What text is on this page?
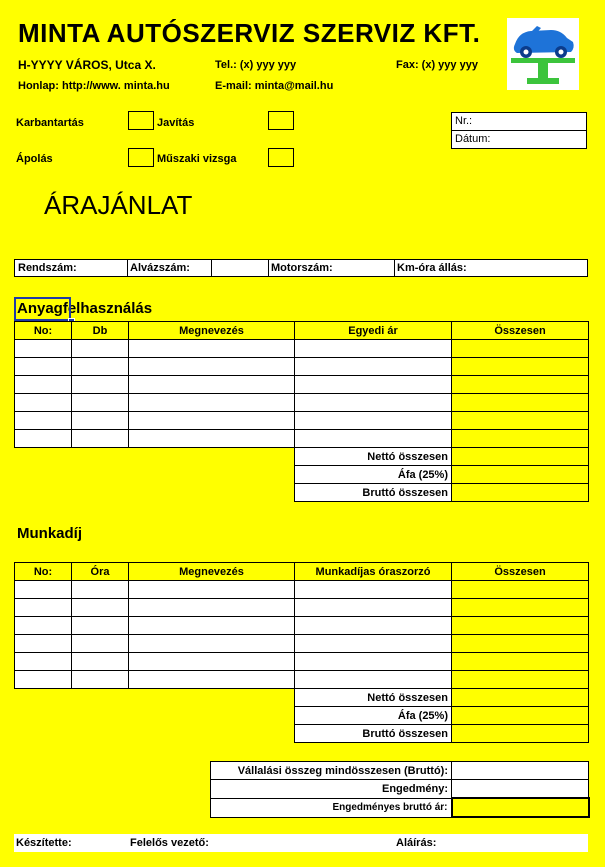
MINTA AUTÓSZERVIZ SZERVIZ KFT.
H-YYYY VÁROS, Utca X.	Tel.: (x) yyy yyy	Fax: (x) yyy yyy
Honlap: http://www. minta.hu	E-mail: minta@mail.hu
Karbantartás	Javítás
Ápolás	Műszaki vizsga
Nr.:
Dátum:
ÁRAJÁNLAT
Rendszám:	Alvázszám:	Motorszám:	Km-óra állás:
Anyagfelhasználás
No:	Db	Megnevezés	Egyedi ár	Összesen

			Nettó összesen	
			Áfa (25%)	
			Bruttó összesen	
Munkadíj
No:	Óra	Megnevezés	Munkadíjas óraszorzó	Összesen

			Nettó összesen	
			Áfa (25%)	
			Bruttó összesen	
Vállalási összeg mindösszesen (Bruttó):	
Engedmény:	
Engedményes bruttó ár:	
Készítette:	Felelős vezető:	Aláírás:
